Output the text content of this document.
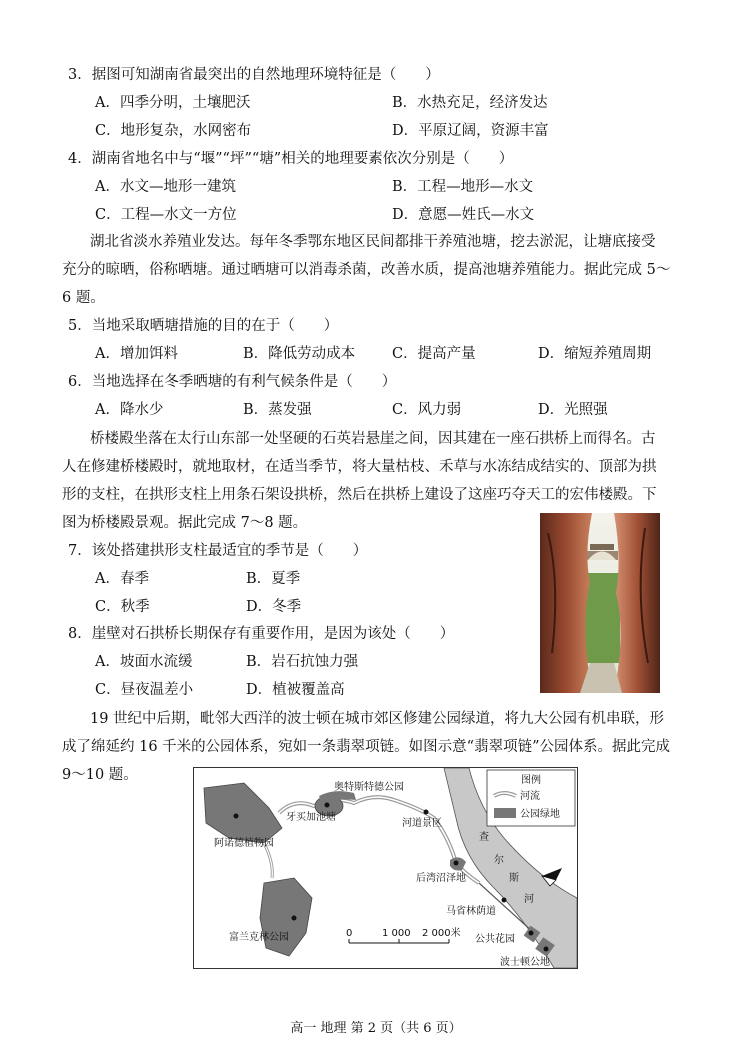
3．据图可知湖南省最突出的自然地理环境特征是（　　）
A．四季分明，土壤肥沃	B．水热充足，经济发达
C．地形复杂，水网密布	D．平原辽阔，资源丰富
4．湖南省地名中与“堰”“坪”“塘”相关的地理要素依次分别是（　　）
A．水文—地形一建筑	B．工程—地形—水文
C．工程—水文一方位	D．意愿—姓氏—水文
湖北省淡水养殖业发达。每年冬季鄂东地区民间都排干养殖池塘，挖去淤泥，让塘底接受
充分的晾晒，俗称晒塘。通过晒塘可以消毒杀菌，改善水质，提高池塘养殖能力。据此完成 5～
6 题。
5．当地采取晒塘措施的目的在于（　　）
A．增加饵料	B．降低劳动成本	C．提高产量	D．缩短养殖周期
6．当地选择在冬季晒塘的有利气候条件是（　　）
A．降水少	B．蒸发强	C．风力弱	D．光照强
桥楼殿坐落在太行山东部一处坚硬的石英岩悬崖之间，因其建在一座石拱桥上而得名。古
人在修建桥楼殿时，就地取材，在适当季节，将大量枯枝、禾草与水冻结成结实的、顶部为拱
形的支柱，在拱形支柱上用条石架设拱桥，然后在拱桥上建设了这座巧夺天工的宏伟楼殿。下
图为桥楼殿景观。据此完成 7～8 题。
7．该处搭建拱形支柱最适宜的季节是（　　）
A．春季	B．夏季
C．秋季	D．冬季
8．崖壁对石拱桥长期保存有重要作用，是因为该处（　　）
A．坡面水流缓	B．岩石抗蚀力强
C．昼夜温差小	D．植被覆盖高
19 世纪中后期，毗邻大西洋的波士顿在城市郊区修建公园绿道，将九大公园有机串联，形
成了绵延约 16 千米的公园体系，宛如一条翡翠项链。如图示意“翡翠项链”公园体系。据此完成
9～10 题。
奥特斯特德公园
牙买加池塘
河道景区
阿诺德植物园
后湾沼泽地
马省林荫道
富兰克林公园	公共花园
波士顿公地
查
尔
斯
河
0	1 000 2 000米
图例
河流
公园绿地
高一 地理 第 2 页（共 6 页）
